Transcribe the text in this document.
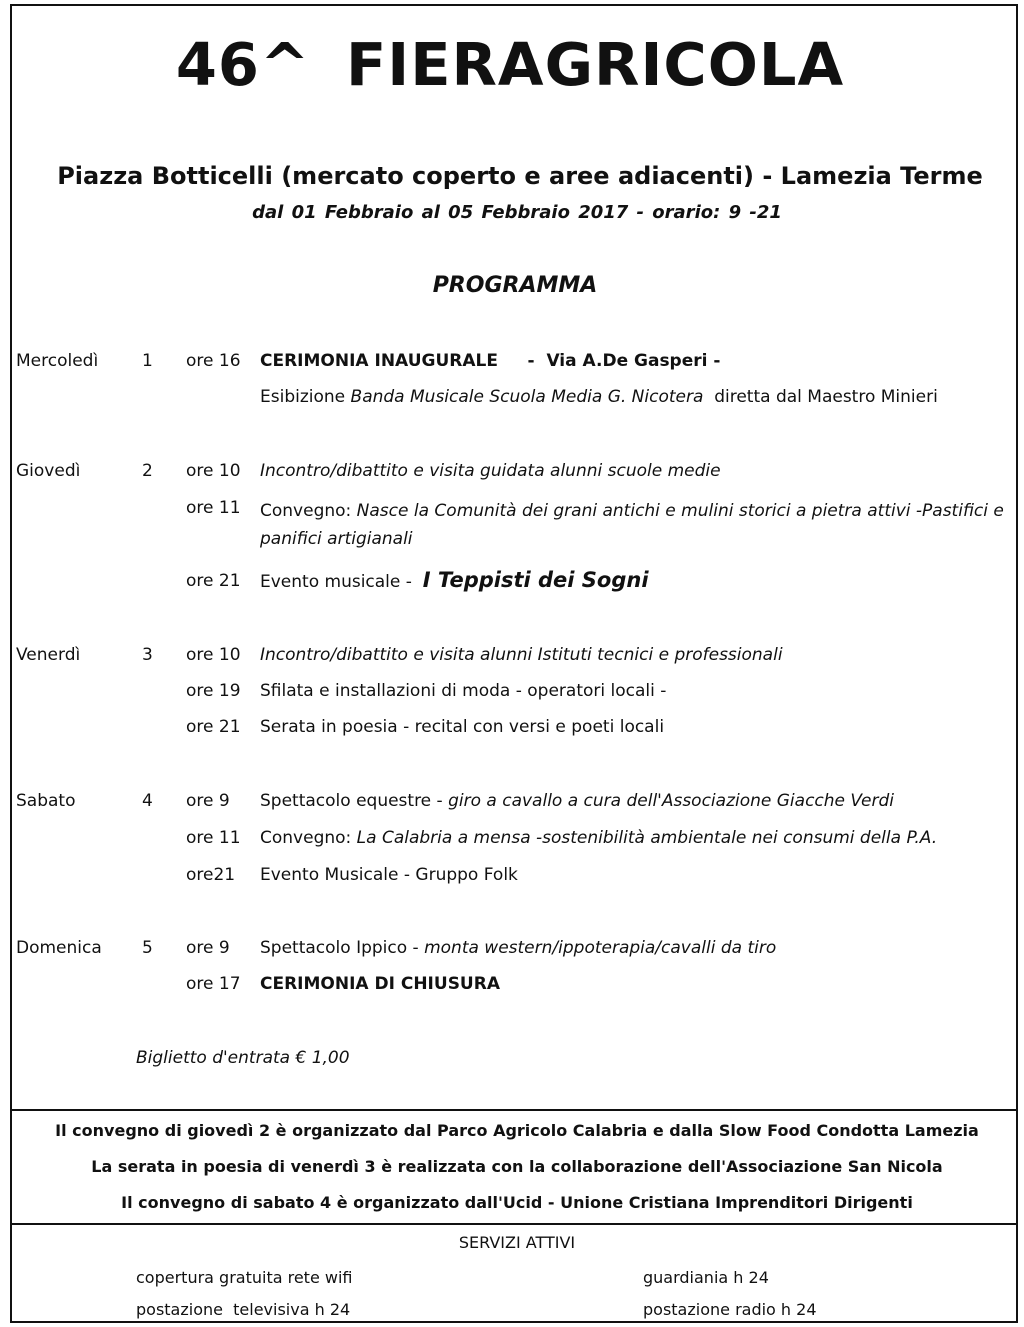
46^ FIERAGRICOLA
Piazza Botticelli (mercato coperto e aree adiacenti) - Lamezia Terme
dal 01 Febbraio al 05 Febbraio 2017 - orario: 9 -21
PROGRAMMA
Mercoledì	1 ore 16 CERIMONIA INAUGURALE     -  Via A.De Gasperi -
Esibizione Banda Musicale Scuola Media G. Nicotera  diretta dal Maestro Minieri
Giovedì	2 ore 10 Incontro/dibattito e visita guidata alunni scuole medie
ore 11 Convegno: Nasce la Comunità dei grani antichi e mulini storici a pietra attivi -Pastifici e panifici artigianali
ore 21 Evento musicale -  I Teppisti dei Sogni
Venerdì	3 ore 10 Incontro/dibattito e visita alunni Istituti tecnici e professionali
ore 19 Sfilata e installazioni di moda - operatori locali -
ore 21 Serata in poesia - recital con versi e poeti locali
Sabato	4 ore 9 Spettacolo equestre - giro a cavallo a cura dell'Associazione Giacche Verdi
ore 11 Convegno: La Calabria a mensa -sostenibilità ambientale nei consumi della P.A.
ore21 Evento Musicale - Gruppo Folk
Domenica 5 ore 9 Spettacolo Ippico - monta western/ippoterapia/cavalli da tiro
ore 17 CERIMONIA DI CHIUSURA
Biglietto d'entrata € 1,00
Il convegno di giovedì 2 è organizzato dal Parco Agricolo Calabria e dalla Slow Food Condotta Lamezia
La serata in poesia di venerdì 3 è realizzata con la collaborazione dell'Associazione San Nicola
Il convegno di sabato 4 è organizzato dall'Ucid - Unione Cristiana Imprenditori Dirigenti
SERVIZI ATTIVI
copertura gratuita rete wifi	guardiania h 24
postazione  televisiva h 24	postazione radio h 24
